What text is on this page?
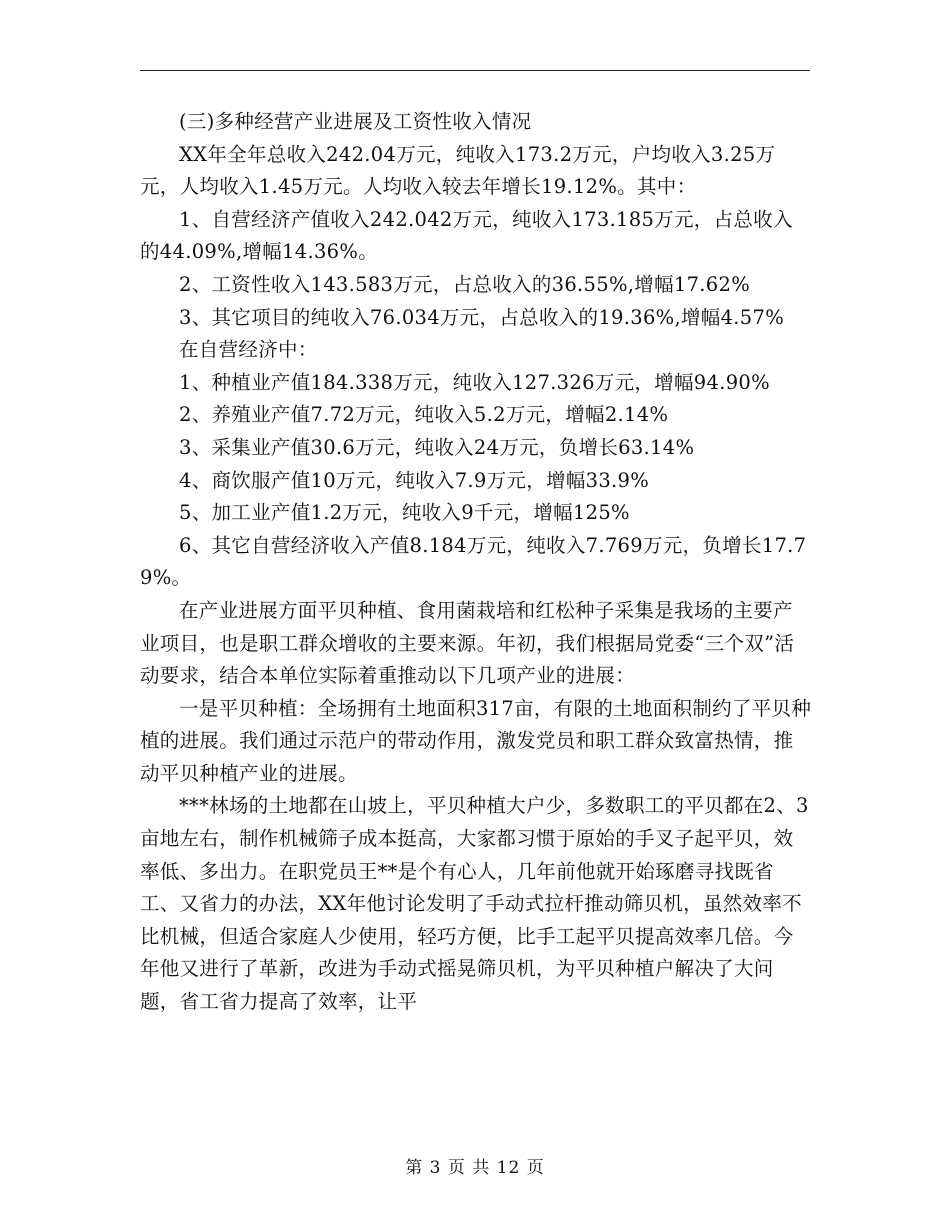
(三)多种经营产业进展及工资性收入情况

XX年全年总收入242.04万元，纯收入173.2万元，户均收入3.25万元，人均收入1.45万元。人均收入较去年增长19.12%。其中：

1、自营经济产值收入242.042万元，纯收入173.185万元，占总收入的44.09%,增幅14.36%。

2、工资性收入143.583万元，占总收入的36.55%,增幅17.62%

3、其它项目的纯收入76.034万元，占总收入的19.36%,增幅4.57%

在自营经济中：

1、种植业产值184.338万元，纯收入127.326万元，增幅94.90%

2、养殖业产值7.72万元，纯收入5.2万元，增幅2.14%

3、采集业产值30.6万元，纯收入24万元，负增长63.14%

4、商饮服产值10万元，纯收入7.9万元，增幅33.9%

5、加工业产值1.2万元，纯收入9千元，增幅125%

6、其它自营经济收入产值8.184万元，纯收入7.769万元，负增长17.79%。

在产业进展方面平贝种植、食用菌栽培和红松种子采集是我场的主要产业项目，也是职工群众增收的主要来源。年初，我们根据局党委“三个双”活动要求，结合本单位实际着重推动以下几项产业的进展：

一是平贝种植：全场拥有土地面积317亩，有限的土地面积制约了平贝种植的进展。我们通过示范户的带动作用，激发党员和职工群众致富热情，推动平贝种植产业的进展。

***林场的土地都在山坡上，平贝种植大户少，多数职工的平贝都在2、3亩地左右，制作机械筛子成本挺高，大家都习惯于原始的手叉子起平贝，效率低、多出力。在职党员王**是个有心人，几年前他就开始琢磨寻找既省工、又省力的办法，XX年他讨论发明了手动式拉杆推动筛贝机，虽然效率不比机械，但适合家庭人少使用，轻巧方便，比手工起平贝提高效率几倍。今年他又进行了革新，改进为手动式摇晃筛贝机，为平贝种植户解决了大问题，省工省力提高了效率，让平

第 3 页 共 12 页
